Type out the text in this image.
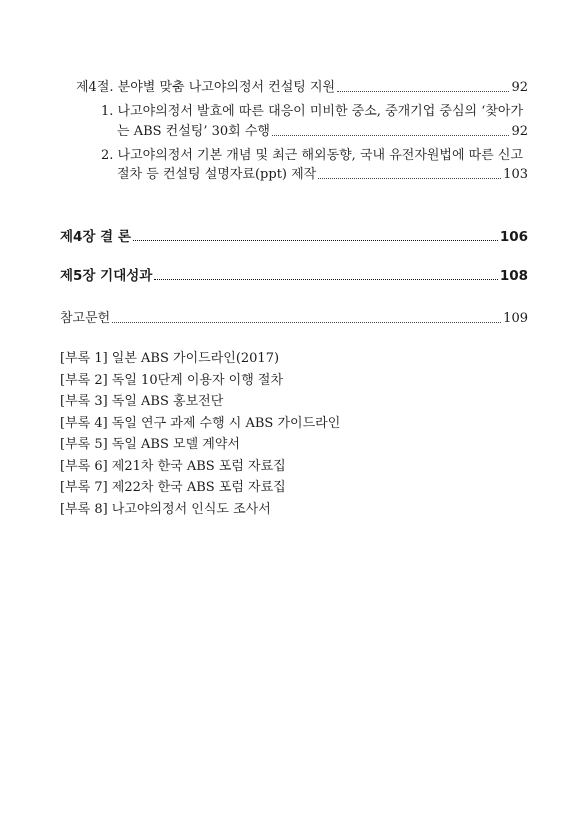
제4절. 분야별 맞춤 나고야의정서 컨설팅 지원	92
1. 나고야의정서 발효에 따른 대응이 미비한 중소, 중개기업 중심의 ‘찾아가
는 ABS 컨설팅’ 30회 수행	92
2. 나고야의정서 기본 개념 및 최근 해외동향, 국내 유전자원법에 따른 신고
절차 등 컨설팅 설명자료(ppt) 제작	103
제4장 결 론	106
제5장 기대성과	108
참고문헌	109
[부록 1] 일본 ABS 가이드라인(2017)
[부록 2] 독일 10단계 이용자 이행 절차
[부록 3] 독일 ABS 홍보전단
[부록 4] 독일 연구 과제 수행 시 ABS 가이드라인
[부록 5] 독일 ABS 모델 계약서
[부록 6] 제21차 한국 ABS 포럼 자료집
[부록 7] 제22차 한국 ABS 포럼 자료집
[부록 8] 나고야의정서 인식도 조사서
